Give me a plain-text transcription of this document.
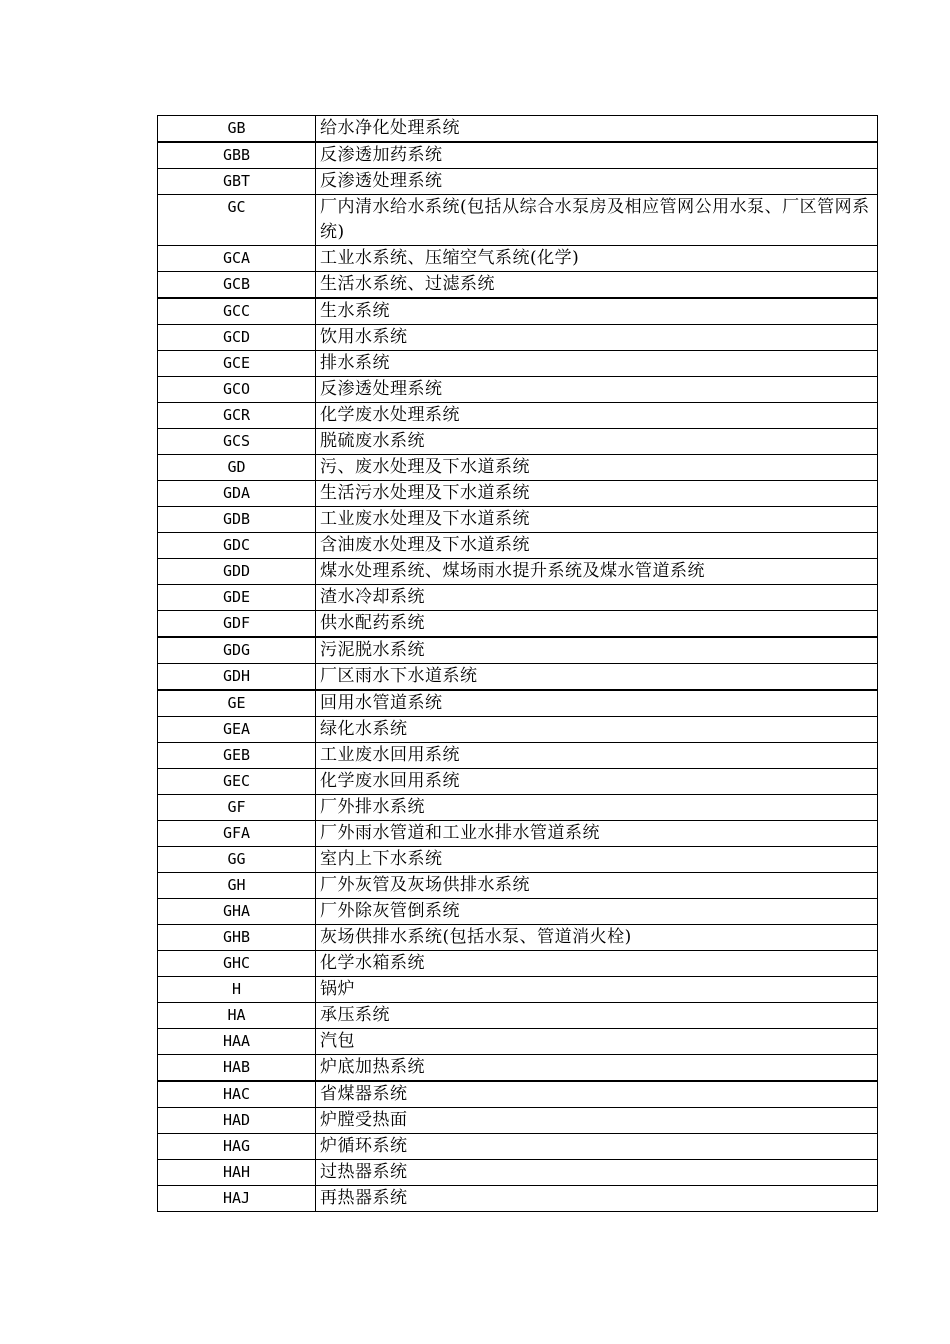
GB	给水净化处理系统
GBB	反渗透加药系统
GBT	反渗透处理系统
GC	厂内清水给水系统(包括从综合水泵房及相应管网公用水泵、厂区管网系统)
GCA	工业水系统、压缩空气系统(化学)
GCB	生活水系统、过滤系统
GCC	生水系统
GCD	饮用水系统
GCE	排水系统
GCO	反渗透处理系统
GCR	化学废水处理系统
GCS	脱硫废水系统
GD	污、废水处理及下水道系统
GDA	生活污水处理及下水道系统
GDB	工业废水处理及下水道系统
GDC	含油废水处理及下水道系统
GDD	煤水处理系统、煤场雨水提升系统及煤水管道系统
GDE	渣水冷却系统
GDF	供水配药系统
GDG	污泥脱水系统
GDH	厂区雨水下水道系统
GE	回用水管道系统
GEA	绿化水系统
GEB	工业废水回用系统
GEC	化学废水回用系统
GF	厂外排水系统
GFA	厂外雨水管道和工业水排水管道系统
GG	室内上下水系统
GH	厂外灰管及灰场供排水系统
GHA	厂外除灰管倒系统
GHB	灰场供排水系统(包括水泵、管道消火栓)
GHC	化学水箱系统
H	锅炉
HA	承压系统
HAA	汽包
HAB	炉底加热系统
HAC	省煤器系统
HAD	炉膛受热面
HAG	炉循环系统
HAH	过热器系统
HAJ	再热器系统
